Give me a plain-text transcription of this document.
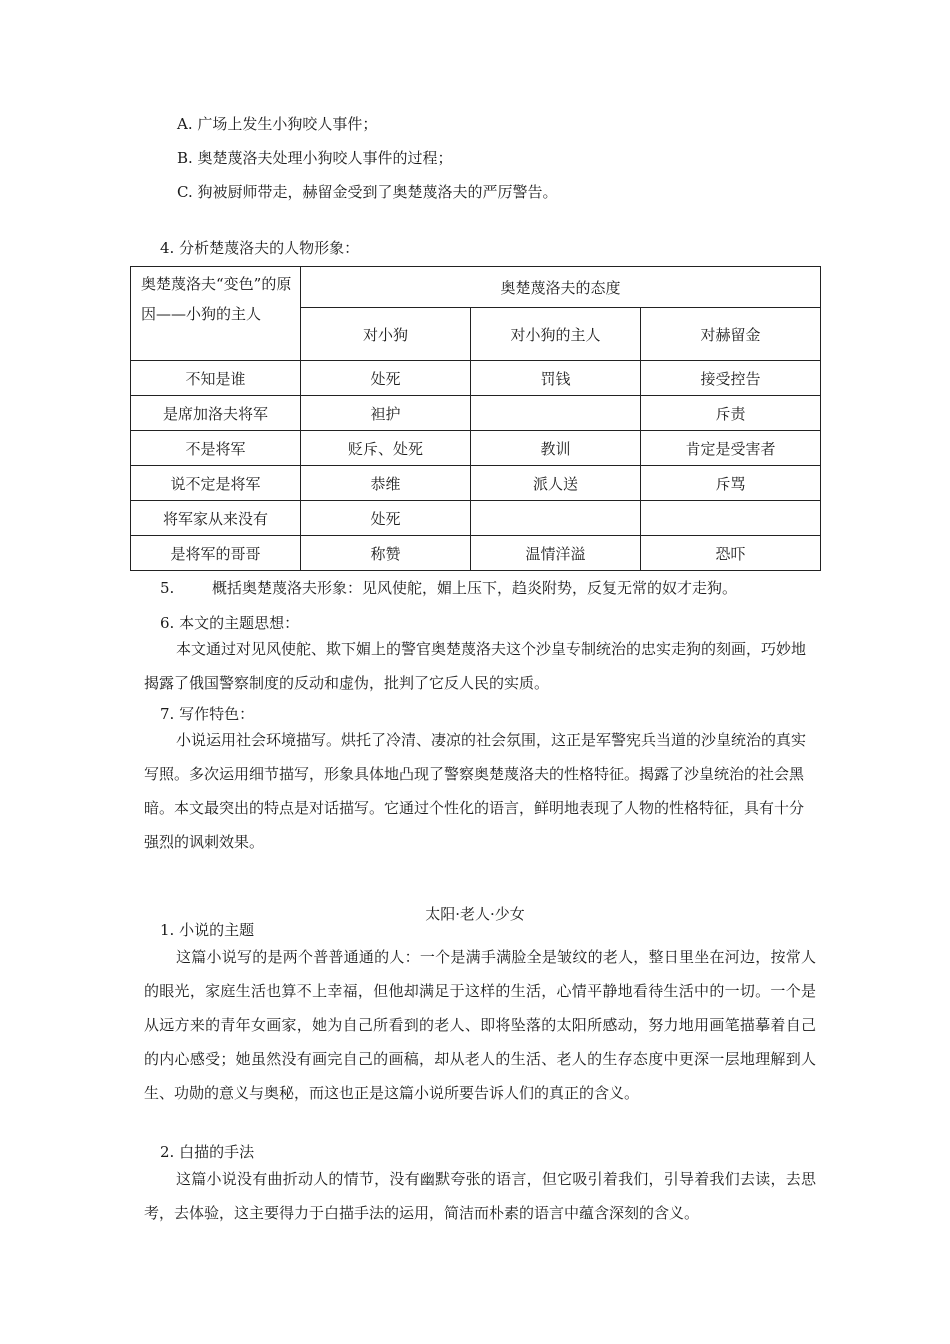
A. 广场上发生小狗咬人事件；
B. 奥楚蔑洛夫处理小狗咬人事件的过程；
C. 狗被厨师带走，赫留金受到了奥楚蔑洛夫的严厉警告。
4. 分析楚蔑洛夫的人物形象：
奥楚蔑洛夫“变色”的原因——小狗的主人	奥楚蔑洛夫的态度		
	对小狗	对小狗的主人	对赫留金
不知是谁	处死	罚钱	接受控告
是席加洛夫将军	袒护		斥责
不是将军	贬斥、处死	教训	肯定是受害者
说不定是将军	恭维	派人送	斥骂
将军家从来没有	处死		
是将军的哥哥	称赞	温情洋溢	恐吓
5.	概括奥楚蔑洛夫形象：见风使舵，媚上压下，趋炎附势，反复无常的奴才走狗。
6. 本文的主题思想：

本文通过对见风使舵、欺下媚上的警官奥楚蔑洛夫这个沙皇专制统治的忠实走狗的刻画，巧妙地揭露了俄国警察制度的反动和虚伪，批判了它反人民的实质。

7. 写作特色：

小说运用社会环境描写。烘托了冷清、凄凉的社会氛围，这正是军警宪兵当道的沙皇统治的真实写照。多次运用细节描写，形象具体地凸现了警察奥楚蔑洛夫的性格特征。揭露了沙皇统治的社会黑暗。本文最突出的特点是对话描写。它通过个性化的语言，鲜明地表现了人物的性格特征，具有十分强烈的讽刺效果。

太阳·老人·少女
1. 小说的主题

这篇小说写的是两个普普通通的人：一个是满手满脸全是皱纹的老人，整日里坐在河边，按常人的眼光，家庭生活也算不上幸福，但他却满足于这样的生活，心情平静地看待生活中的一切。一个是从远方来的青年女画家，她为自己所看到的老人、即将坠落的太阳所感动，努力地用画笔描摹着自己的内心感受；她虽然没有画完自己的画稿，却从老人的生活、老人的生存态度中更深一层地理解到人生、功勋的意义与奥秘，而这也正是这篇小说所要告诉人们的真正的含义。

2. 白描的手法

这篇小说没有曲折动人的情节，没有幽默夸张的语言，但它吸引着我们，引导着我们去读，去思考，去体验，这主要得力于白描手法的运用，简洁而朴素的语言中蕴含深刻的含义。
